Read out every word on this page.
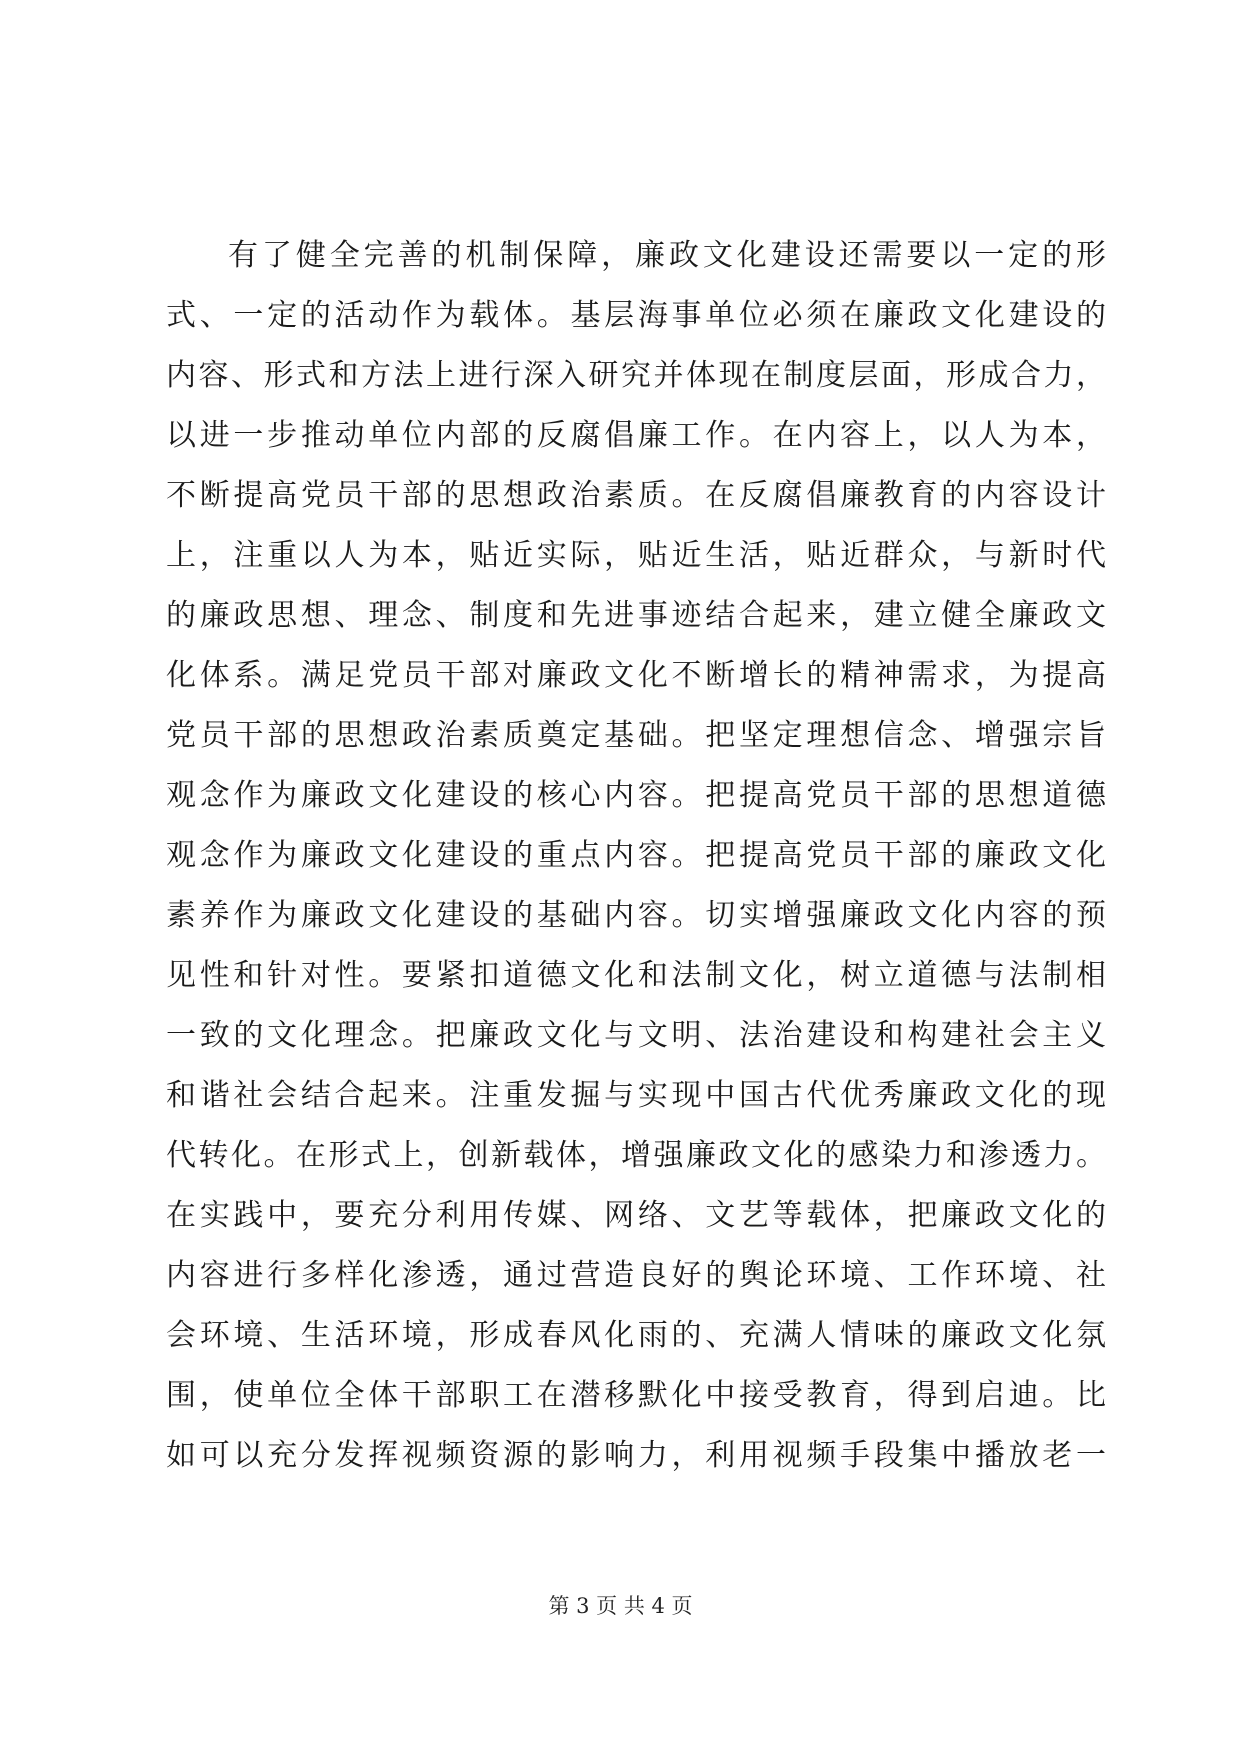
有了健全完善的机制保障，廉政文化建设还需要以一定的形
式、一定的活动作为载体。基层海事单位必须在廉政文化建设的
内容、形式和方法上进行深入研究并体现在制度层面，形成合力，
以进一步推动单位内部的反腐倡廉工作。在内容上，以人为本，
不断提高党员干部的思想政治素质。在反腐倡廉教育的内容设计
上，注重以人为本，贴近实际，贴近生活，贴近群众，与新时代
的廉政思想、理念、制度和先进事迹结合起来，建立健全廉政文
化体系。满足党员干部对廉政文化不断增长的精神需求，为提高
党员干部的思想政治素质奠定基础。把坚定理想信念、增强宗旨
观念作为廉政文化建设的核心内容。把提高党员干部的思想道德
观念作为廉政文化建设的重点内容。把提高党员干部的廉政文化
素养作为廉政文化建设的基础内容。切实增强廉政文化内容的预
见性和针对性。要紧扣道德文化和法制文化，树立道德与法制相
一致的文化理念。把廉政文化与文明、法治建设和构建社会主义
和谐社会结合起来。注重发掘与实现中国古代优秀廉政文化的现
代转化。在形式上，创新载体，增强廉政文化的感染力和渗透力。
在实践中，要充分利用传媒、网络、文艺等载体，把廉政文化的
内容进行多样化渗透，通过营造良好的舆论环境、工作环境、社
会环境、生活环境，形成春风化雨的、充满人情味的廉政文化氛
围，使单位全体干部职工在潜移默化中接受教育，得到启迪。比
如可以充分发挥视频资源的影响力，利用视频手段集中播放老一
第 3 页 共 4 页
